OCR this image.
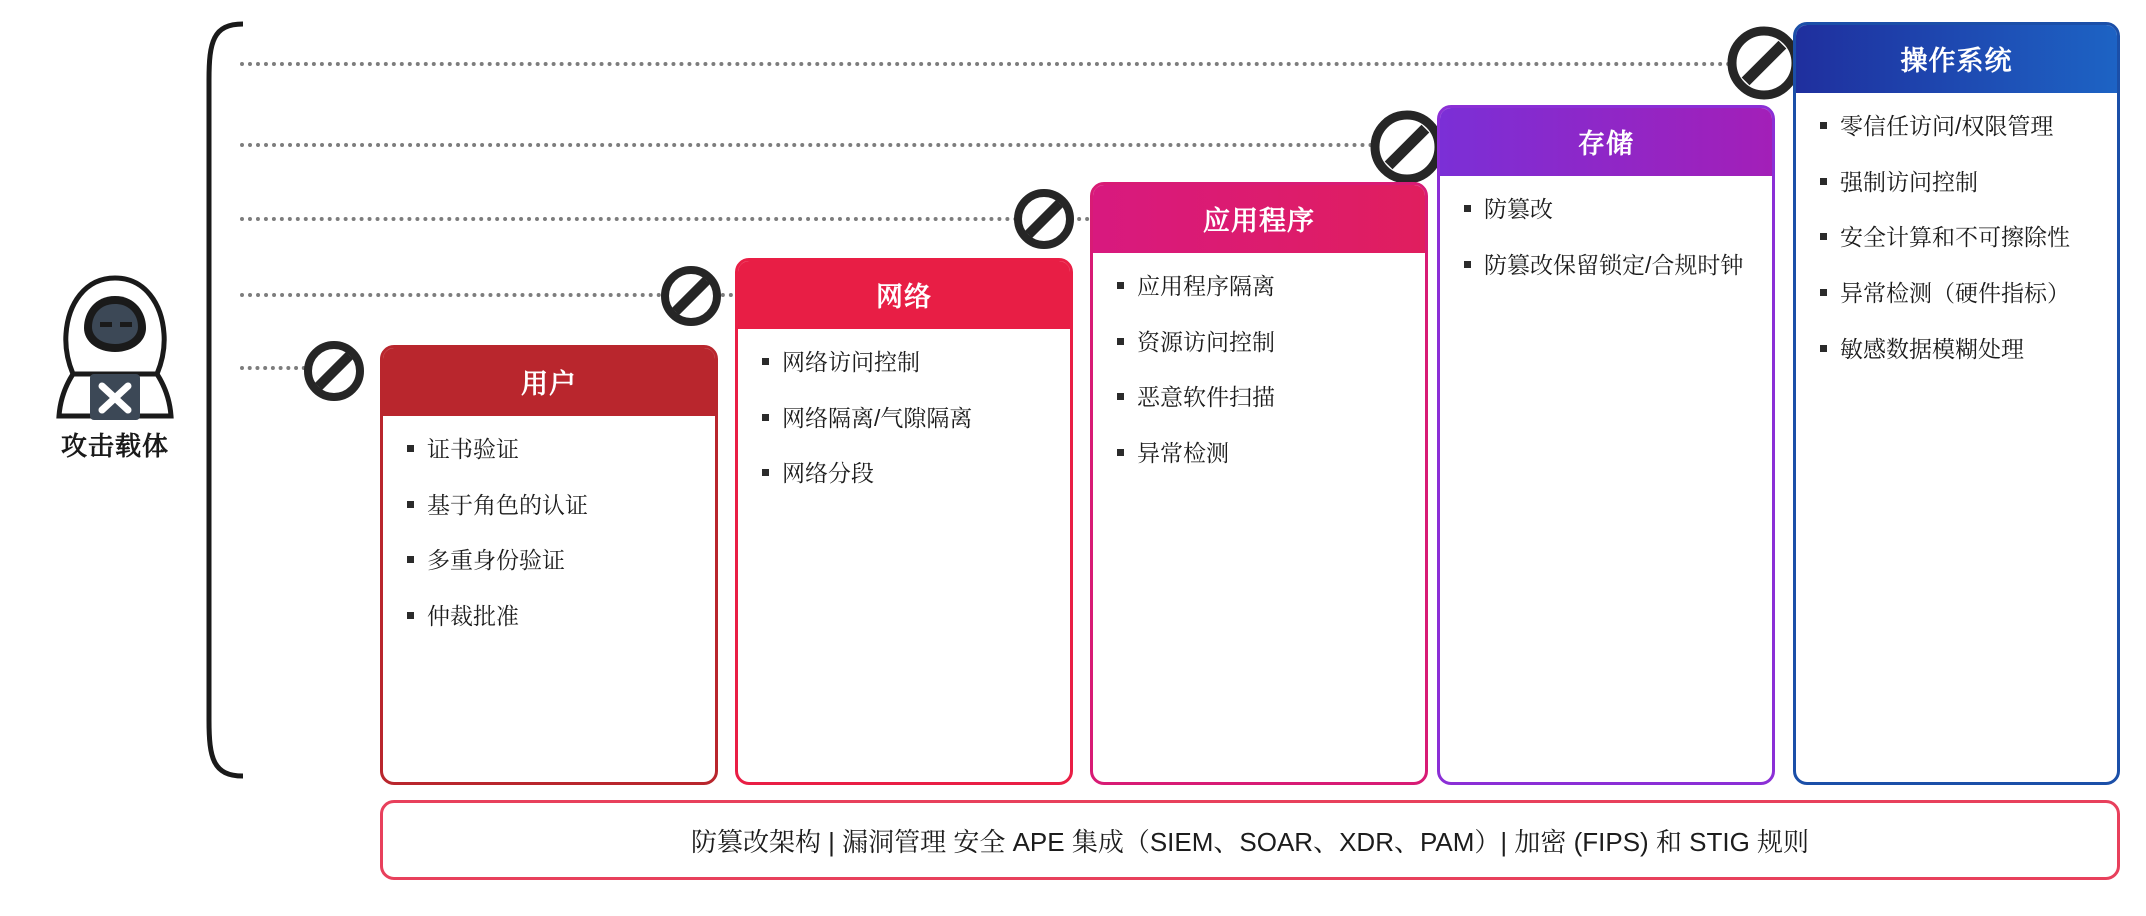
攻击载体
用户
证书验证
基于角色的认证
多重身份验证
仲裁批准
网络
网络访问控制
网络隔离/气隙隔离
网络分段
应用程序
应用程序隔离
资源访问控制
恶意软件扫描
异常检测
存储
防篡改
防篡改保留锁定/合规时钟
操作系统
零信任访问/权限管理
强制访问控制
安全计算和不可擦除性
异常检测（硬件指标）
敏感数据模糊处理
防篡改架构 | 漏洞管理 安全 APE 集成（SIEM、SOAR、XDR、PAM）| 加密 (FIPS) 和 STIG 规则
